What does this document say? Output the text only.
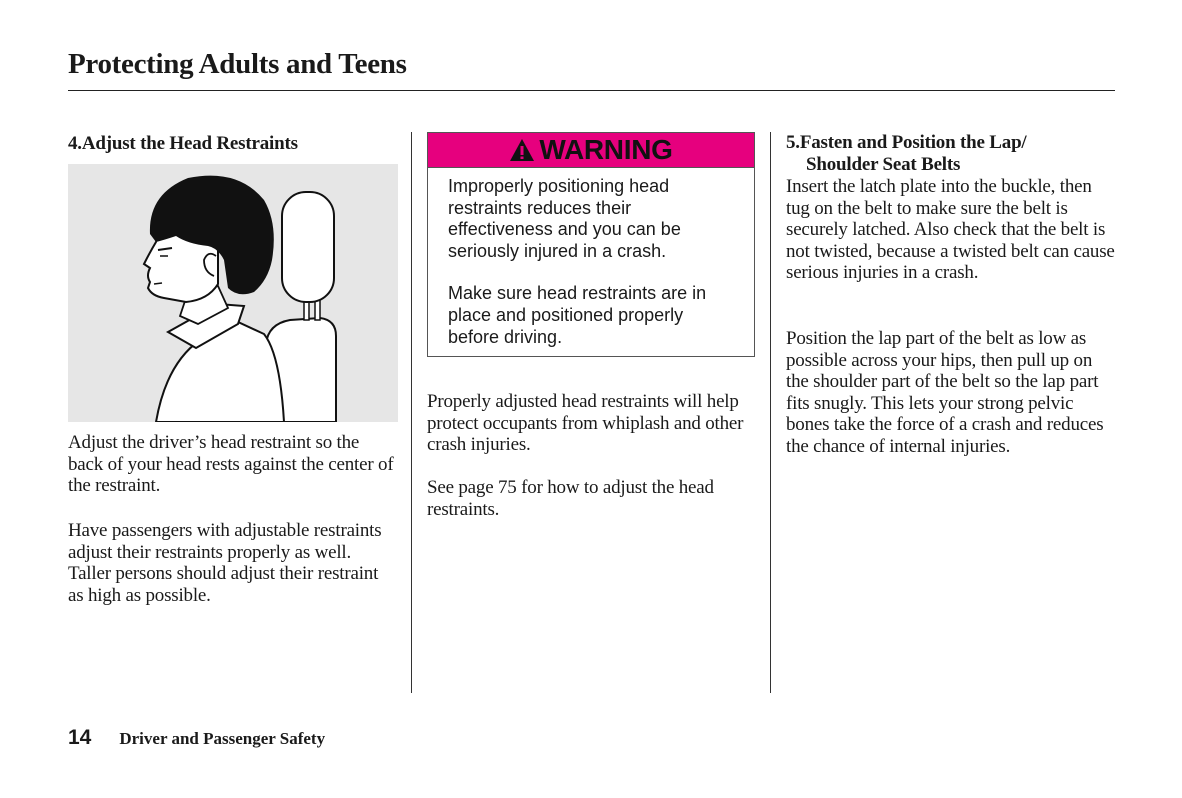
Protecting Adults and Teens
4.Adjust the Head Restraints

Adjust the driver’s head restraint so the back of your head rests against the center of the restraint.

Have passengers with adjustable restraints adjust their restraints properly as well. Taller persons should adjust their restraint as high as possible.

WARNING

Improperly positioning head restraints reduces their effectiveness and you can be seriously injured in a crash.

Make sure head restraints are in place and positioned properly before driving.

Properly adjusted head restraints will help protect occupants from whiplash and other crash injuries.

See page 75 for how to adjust the head restraints.

5.Fasten and Position the Lap/
Shoulder Seat Belts

Insert the latch plate into the buckle, then tug on the belt to make sure the belt is securely latched. Also check that the belt is not twisted, because a twisted belt can cause serious injuries in a crash.

Position the lap part of the belt as low as possible across your hips, then pull up on the shoulder part of the belt so the lap part fits snugly. This lets your strong pelvic bones take the force of a crash and reduces the chance of internal injuries.

14 Driver and Passenger Safety
